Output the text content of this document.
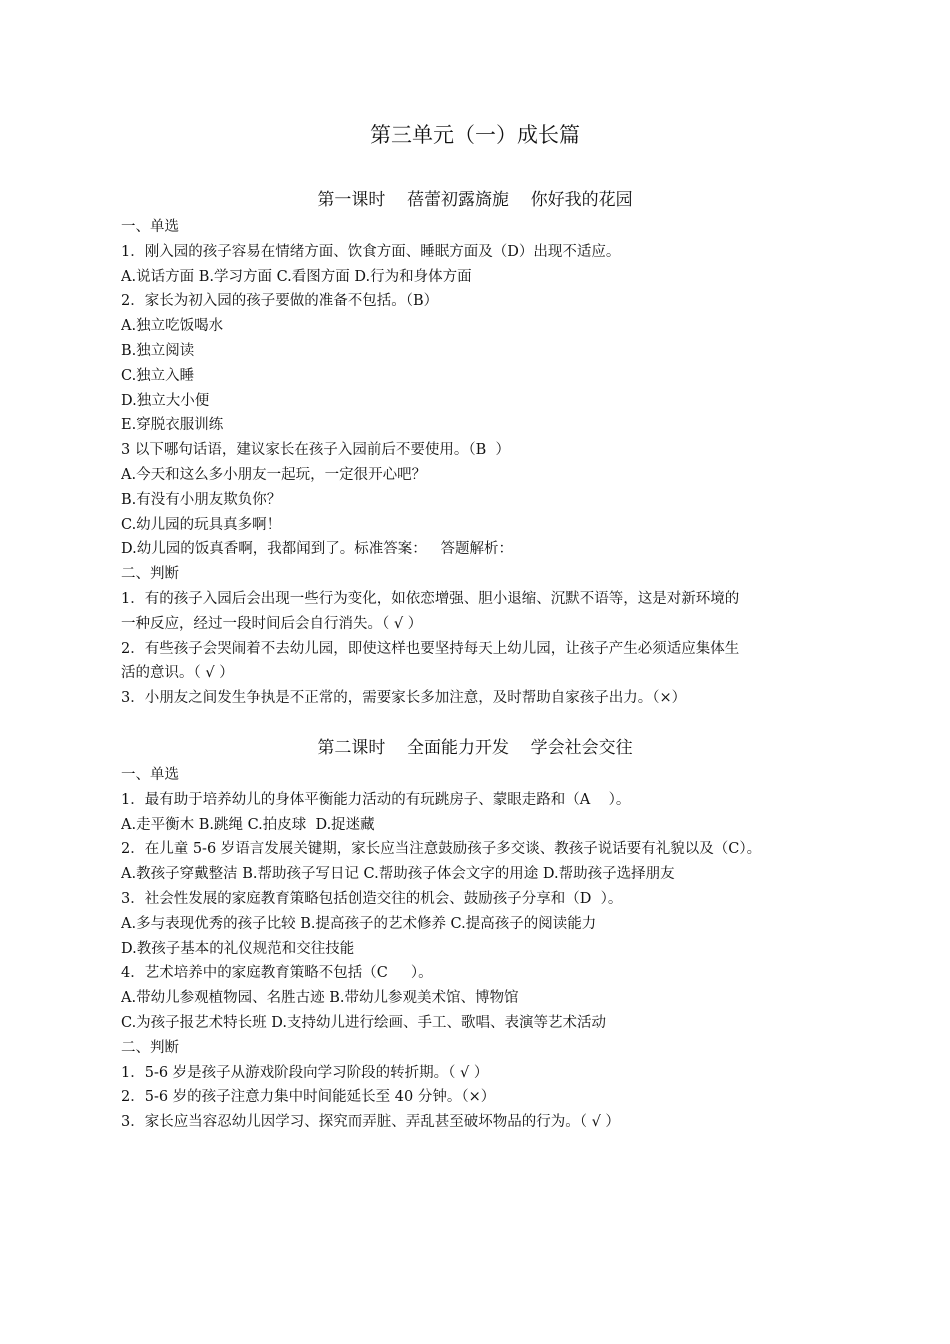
第三单元（一）成长篇
第一课时    蓓蕾初露旖旎    你好我的花园
一、单选
1．刚入园的孩子容易在情绪方面、饮食方面、睡眠方面及（D）出现不适应。
A.说话方面 B.学习方面 C.看图方面 D.行为和身体方面
2．家长为初入园的孩子要做的准备不包括。（B）
A.独立吃饭喝水
B.独立阅读
C.独立入睡
D.独立大小便
E.穿脱衣服训练
3 以下哪句话语，建议家长在孩子入园前后不要使用。（B  ）
A.今天和这么多小朋友一起玩，一定很开心吧？
B.有没有小朋友欺负你？
C.幼儿园的玩具真多啊！
D.幼儿园的饭真香啊，我都闻到了。标准答案：   答题解析：
二、判断
1．有的孩子入园后会出现一些行为变化，如依恋增强、胆小退缩、沉默不语等，这是对新环境的
一种反应，经过一段时间后会自行消失。（ √ ）
2．有些孩子会哭闹着不去幼儿园，即使这样也要坚持每天上幼儿园，让孩子产生必须适应集体生
活的意识。（ √ ）
3．小朋友之间发生争执是不正常的，需要家长多加注意，及时帮助自家孩子出力。（×）
第二课时    全面能力开发    学会社会交往
一、单选
1．最有助于培养幼儿的身体平衡能力活动的有玩跳房子、蒙眼走路和（A    ）。
A.走平衡木 B.跳绳 C.拍皮球  D.捉迷藏
2．在儿童 5-6 岁语言发展关键期，家长应当注意鼓励孩子多交谈、教孩子说话要有礼貌以及（C）。
A.教孩子穿戴整洁 B.帮助孩子写日记 C.帮助孩子体会文字的用途 D.帮助孩子选择朋友
3．社会性发展的家庭教育策略包括创造交往的机会、鼓励孩子分享和（D  ）。
A.多与表现优秀的孩子比较 B.提高孩子的艺术修养 C.提高孩子的阅读能力
D.教孩子基本的礼仪规范和交往技能
4．艺术培养中的家庭教育策略不包括（C     ）。
A.带幼儿参观植物园、名胜古迹 B.带幼儿参观美术馆、博物馆
C.为孩子报艺术特长班 D.支持幼儿进行绘画、手工、歌唱、表演等艺术活动
二、判断
1．5-6 岁是孩子从游戏阶段向学习阶段的转折期。（ √ ）
2．5-6 岁的孩子注意力集中时间能延长至 40 分钟。（×）
3．家长应当容忍幼儿因学习、探究而弄脏、弄乱甚至破坏物品的行为。（ √ ）
